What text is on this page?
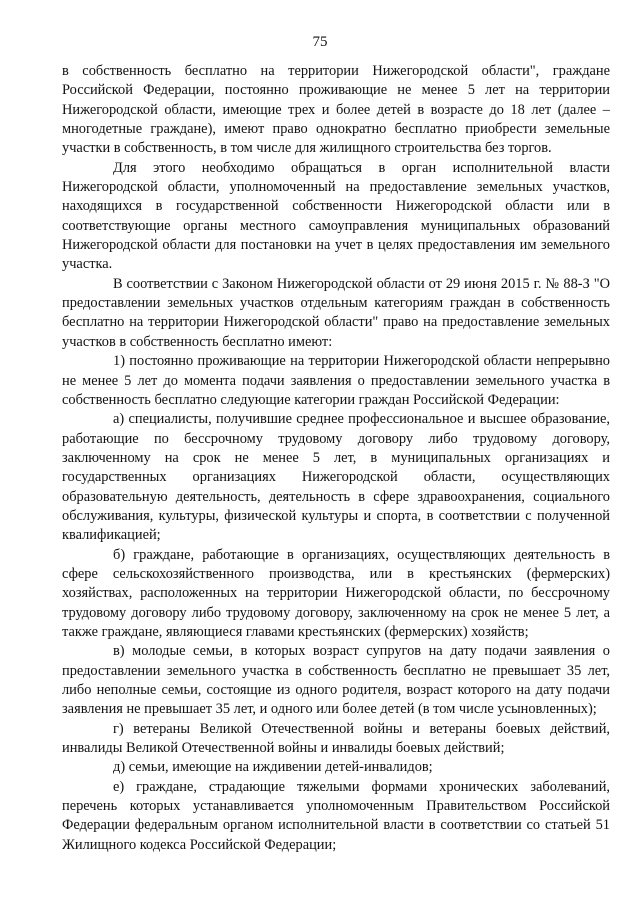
75

в собственность бесплатно на территории Нижегородской области", граждане Российской Федерации, постоянно проживающие не менее 5 лет на территории Нижегородской области, имеющие трех и более детей в возрасте до 18 лет (далее – многодетные граждане), имеют право однократно бесплатно приобрести земельные участки в собственность, в том числе для жилищного строительства без торгов.

Для этого необходимо обращаться в орган исполнительной власти Нижегородской области, уполномоченный на предоставление земельных участков, находящихся в государственной собственности Нижегородской области или в соответствующие органы местного самоуправления муниципальных образований Нижегородской области для постановки на учет в целях предоставления им земельного участка.

В соответствии с Законом Нижегородской области от 29 июня 2015 г. № 88-З "О предоставлении земельных участков отдельным категориям граждан в собственность бесплатно на территории Нижегородской области" право на предоставление земельных участков в собственность бесплатно имеют:

1) постоянно проживающие на территории Нижегородской области непрерывно не менее 5 лет до момента подачи заявления о предоставлении земельного участка в собственность бесплатно следующие категории граждан Российской Федерации:

а) специалисты, получившие среднее профессиональное и высшее образование, работающие по бессрочному трудовому договору либо трудовому договору, заключенному на срок не менее 5 лет, в муниципальных организациях и государственных организациях Нижегородской области, осуществляющих образовательную деятельность, деятельность в сфере здравоохранения, социального обслуживания, культуры, физической культуры и спорта, в соответствии с полученной квалификацией;

б) граждане, работающие в организациях, осуществляющих деятельность в сфере сельскохозяйственного производства, или в крестьянских (фермерских) хозяйствах, расположенных на территории Нижегородской области, по бессрочному трудовому договору либо трудовому договору, заключенному на срок не менее 5 лет, а также граждане, являющиеся главами крестьянских (фермерских) хозяйств;

в) молодые семьи, в которых возраст супругов на дату подачи заявления о предоставлении земельного участка в собственность бесплатно не превышает 35 лет, либо неполные семьи, состоящие из одного родителя, возраст которого на дату подачи заявления не превышает 35 лет, и одного или более детей (в том числе усыновленных);

г) ветераны Великой Отечественной войны и ветераны боевых действий, инвалиды Великой Отечественной войны и инвалиды боевых действий;

д) семьи, имеющие на иждивении детей-инвалидов;

е) граждане, страдающие тяжелыми формами хронических заболеваний, перечень которых устанавливается уполномоченным Правительством Российской Федерации федеральным органом исполнительной власти в соответствии со статьей 51 Жилищного кодекса Российской Федерации;
